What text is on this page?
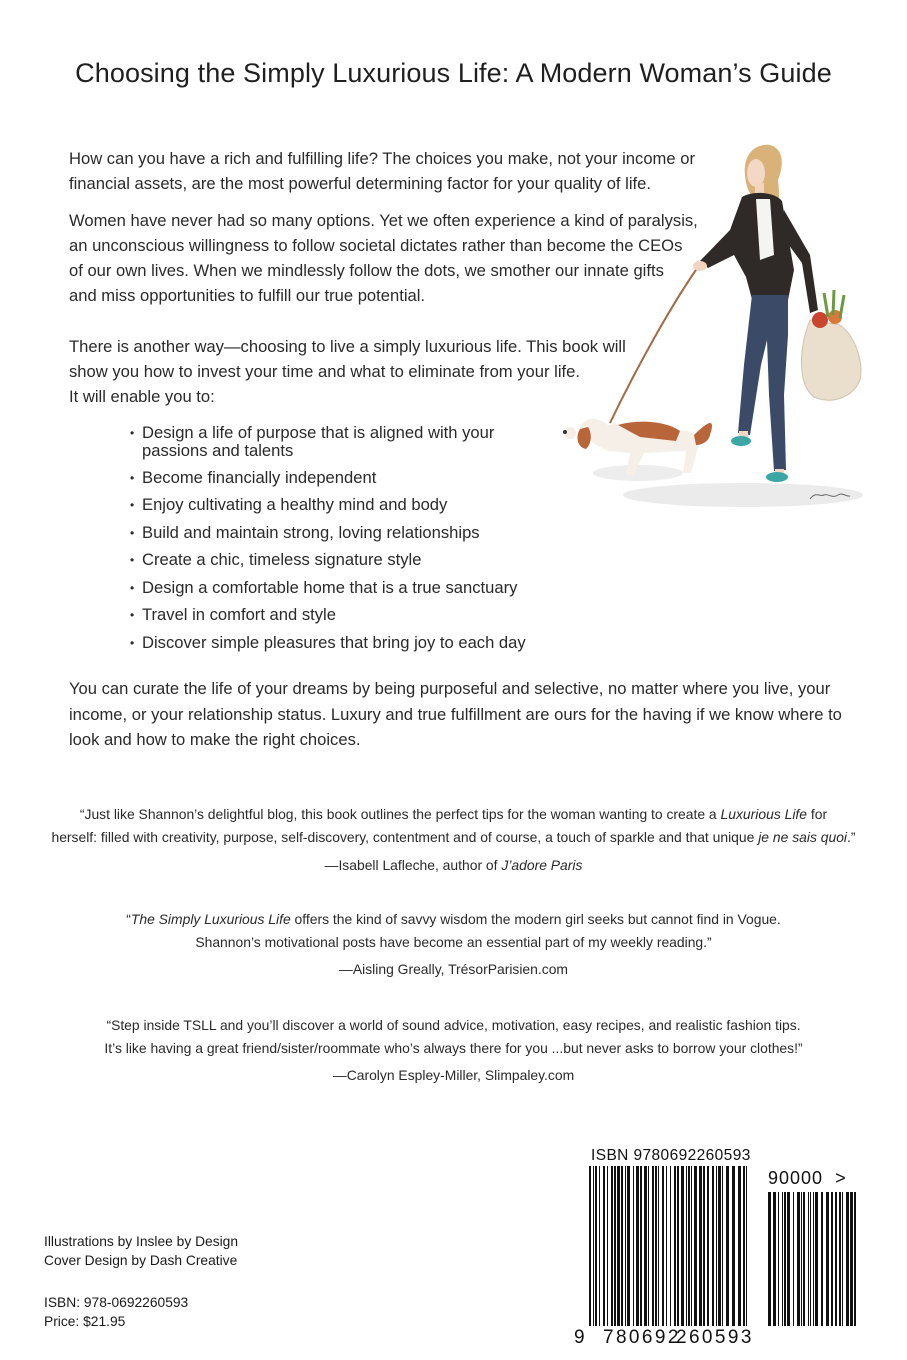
Choosing the Simply Luxurious Life: A Modern Woman’s Guide

How can you have a rich and fulfilling life? The choices you make, not your income or
financial assets, are the most powerful determining factor for your quality of life.

Women have never had so many options. Yet we often experience a kind of paralysis,
an unconscious willingness to follow societal dictates rather than become the CEOs
of our own lives. When we mindlessly follow the dots, we smother our innate gifts
and miss opportunities to fulfill our true potential.

There is another way—choosing to live a simply luxurious life. This book will
show you how to invest your time and what to eliminate from your life.
It will enable you to:

• Design a life of purpose that is aligned with your
passions and talents
• Become financially independent
• Enjoy cultivating a healthy mind and body
• Build and maintain strong, loving relationships
• Create a chic, timeless signature style
• Design a comfortable home that is a true sanctuary
• Travel in comfort and style
• Discover simple pleasures that bring joy to each day

You can curate the life of your dreams by being purposeful and selective, no matter where you live, your
income, or your relationship status. Luxury and true fulfillment are ours for the having if we know where to
look and how to make the right choices.

“Just like Shannon’s delightful blog, this book outlines the perfect tips for the woman wanting to create a Luxurious Life for
herself: filled with creativity, purpose, self-discovery, contentment and of course, a touch of sparkle and that unique je ne sais quoi.”

—Isabell Lafleche, author of J’adore Paris

“The Simply Luxurious Life offers the kind of savvy wisdom the modern girl seeks but cannot find in Vogue.
Shannon’s motivational posts have become an essential part of my weekly reading.”

—Aisling Greally, TrésorParisien.com

“Step inside TSLL and you’ll discover a world of sound advice, motivation, easy recipes, and realistic fashion tips.
It’s like having a great friend/sister/roommate who’s always there for you ...but never asks to borrow your clothes!”

—Carolyn Espley-Miller, Slimpaley.com
Illustrations by Inslee by Design
Cover Design by Dash Creative
ISBN: 978-0692260593
Price: $21.95
ISBN 9780692260593
90000 >
9 780692
260593
